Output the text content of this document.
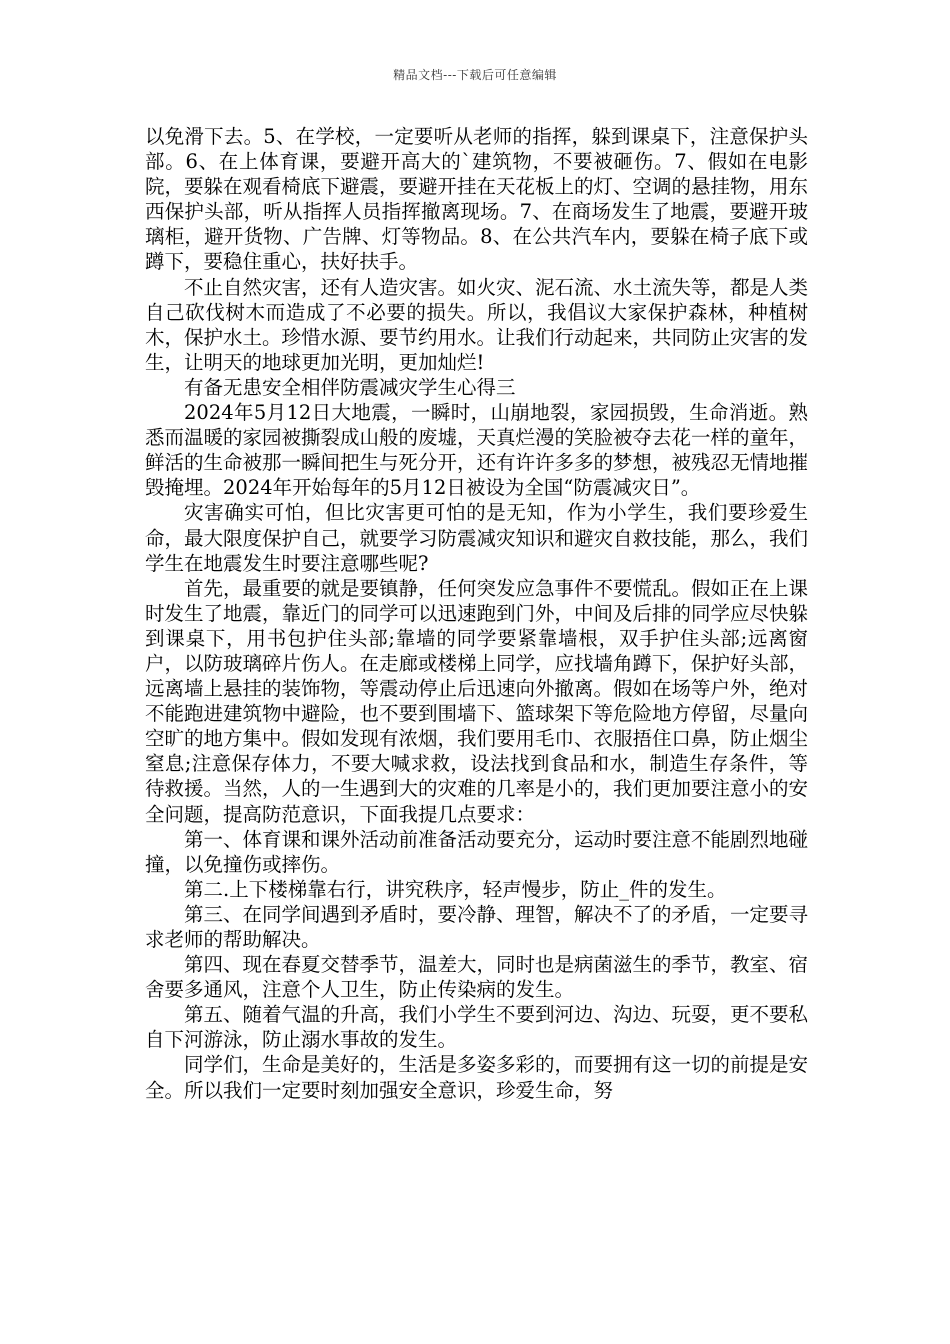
精品文档---下载后可任意编辑

以免滑下去。5、在学校，一定要听从老师的指挥，躲到课桌下，注意保护头部。6、在上体育课，要避开高大的`建筑物，不要被砸伤。7、假如在电影院，要躲在观看椅底下避震，要避开挂在天花板上的灯、空调的悬挂物，用东西保护头部，听从指挥人员指挥撤离现场。7、在商场发生了地震，要避开玻璃柜，避开货物、广告牌、灯等物品。8、在公共汽车内，要躲在椅子底下或蹲下，要稳住重心，扶好扶手。

不止自然灾害，还有人造灾害。如火灾、泥石流、水土流失等，都是人类自己砍伐树木而造成了不必要的损失。所以，我倡议大家保护森林，种植树木，保护水土。珍惜水源、要节约用水。让我们行动起来，共同防止灾害的发生，让明天的地球更加光明，更加灿烂!

有备无患安全相伴防震减灾学生心得三

2024年5月12日大地震，一瞬时，山崩地裂，家园损毁，生命消逝。熟悉而温暖的家园被撕裂成山般的废墟，天真烂漫的笑脸被夺去花一样的童年，鲜活的生命被那一瞬间把生与死分开，还有许许多多的梦想，被残忍无情地摧毁掩埋。2024年开始每年的5月12日被设为全国“防震减灾日”。

灾害确实可怕，但比灾害更可怕的是无知，作为小学生，我们要珍爱生命，最大限度保护自己，就要学习防震减灾知识和避灾自救技能，那么，我们学生在地震发生时要注意哪些呢?

首先，最重要的就是要镇静，任何突发应急事件不要慌乱。假如正在上课时发生了地震，靠近门的同学可以迅速跑到门外，中间及后排的同学应尽快躲到课桌下，用书包护住头部;靠墙的同学要紧靠墙根，双手护住头部;远离窗户，以防玻璃碎片伤人。在走廊或楼梯上同学，应找墙角蹲下，保护好头部，远离墙上悬挂的装饰物，等震动停止后迅速向外撤离。假如在场等户外，绝对不能跑进建筑物中避险，也不要到围墙下、篮球架下等危险地方停留，尽量向空旷的地方集中。假如发现有浓烟，我们要用毛巾、衣服捂住口鼻，防止烟尘窒息;注意保存体力，不要大喊求救，设法找到食品和水，制造生存条件，等待救援。当然，人的一生遇到大的灾难的几率是小的，我们更加要注意小的安全问题，提高防范意识，下面我提几点要求：

第一、体育课和课外活动前准备活动要充分，运动时要注意不能剧烈地碰撞，以免撞伤或摔伤。

第二.上下楼梯靠右行，讲究秩序，轻声慢步，防止_件的发生。

第三、在同学间遇到矛盾时，要冷静、理智，解决不了的矛盾，一定要寻求老师的帮助解决。

第四、现在春夏交替季节，温差大，同时也是病菌滋生的季节，教室、宿舍要多通风，注意个人卫生，防止传染病的发生。

第五、随着气温的升高，我们小学生不要到河边、沟边、玩耍，更不要私自下河游泳，防止溺水事故的发生。

同学们，生命是美好的，生活是多姿多彩的，而要拥有这一切的前提是安全。所以我们一定要时刻加强安全意识，珍爱生命，努
